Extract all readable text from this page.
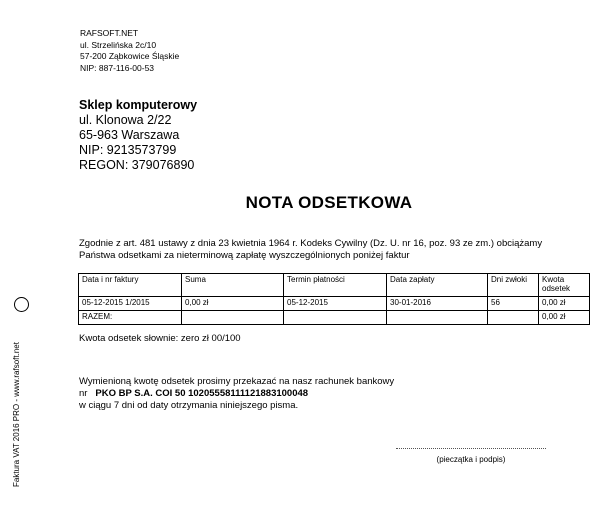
RAFSOFT.NET
ul. Strzelińska 2c/10
57-200 Ząbkowice Śląskie
NIP: 887-116-00-53
Sklep komputerowy
ul. Klonowa 2/22
65-963 Warszawa
NIP: 9213573799
REGON: 379076890
NOTA ODSETKOWA
Zgodnie z art. 481 ustawy z dnia 23 kwietnia 1964 r. Kodeks Cywilny (Dz. U. nr 16, poz. 93 ze zm.) obciążamy
Państwa odsetkami za nieterminową zapłatę wyszczególnionych poniżej faktur
Data i nr faktury	Suma	Termin płatności	Data zapłaty	Dni zwłoki	Kwota odsetek
05-12-2015 1/2015	0,00 zł	05-12-2015	30-01-2016	56	0,00 zł
RAZEM:					0,00 zł
Kwota odsetek słownie: zero zł 00/100
Wymienioną kwotę odsetek prosimy przekazać na nasz rachunek bankowy
nr PKO BP S.A. COI 50 10205558111121883100048
w ciągu 7 dni od daty otrzymania niniejszego pisma.
(pieczątka i podpis)
Faktura VAT 2016 PRO - www.rafsoft.net
